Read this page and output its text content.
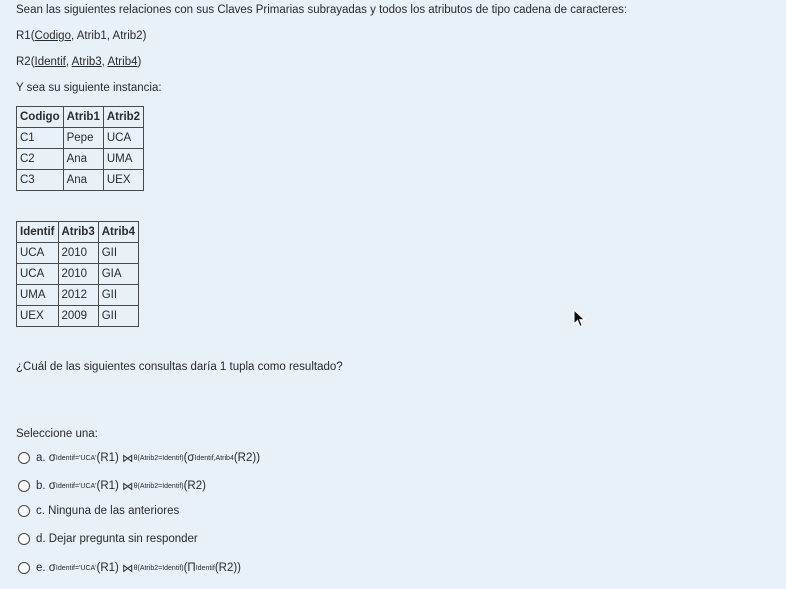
Sean las siguientes relaciones con sus Claves Primarias subrayadas y todos los atributos de tipo cadena de caracteres:
R1(Codigo, Atrib1, Atrib2)
R2(Identif, Atrib3, Atrib4)
Y sea su siguiente instancia:
Codigo	Atrib1	Atrib2
C1	Pepe	UCA
C2	Ana	UMA
C3	Ana	UEX
Identif	Atrib3	Atrib4
UCA	2010	GII
UCA	2010	GIA
UMA	2012	GII
UEX	2009	GII
¿Cuál de las siguientes consultas daría 1 tupla como resultado?
Seleccione una:
a.
σ Identif='UCA' (R1)
⋈ θ(Atrib2=Identif) (σ Identif,Atrib4 (R2))
b.
σ Identif='UCA' (R1)
⋈ θ(Atrib2=Identif) (R2)
c.
Ninguna de las anteriores
d.
Dejar pregunta sin responder
e.
σ Identif='UCA' (R1)
⋈ θ(Atrib2=Identif) (Π Identif (R2))
